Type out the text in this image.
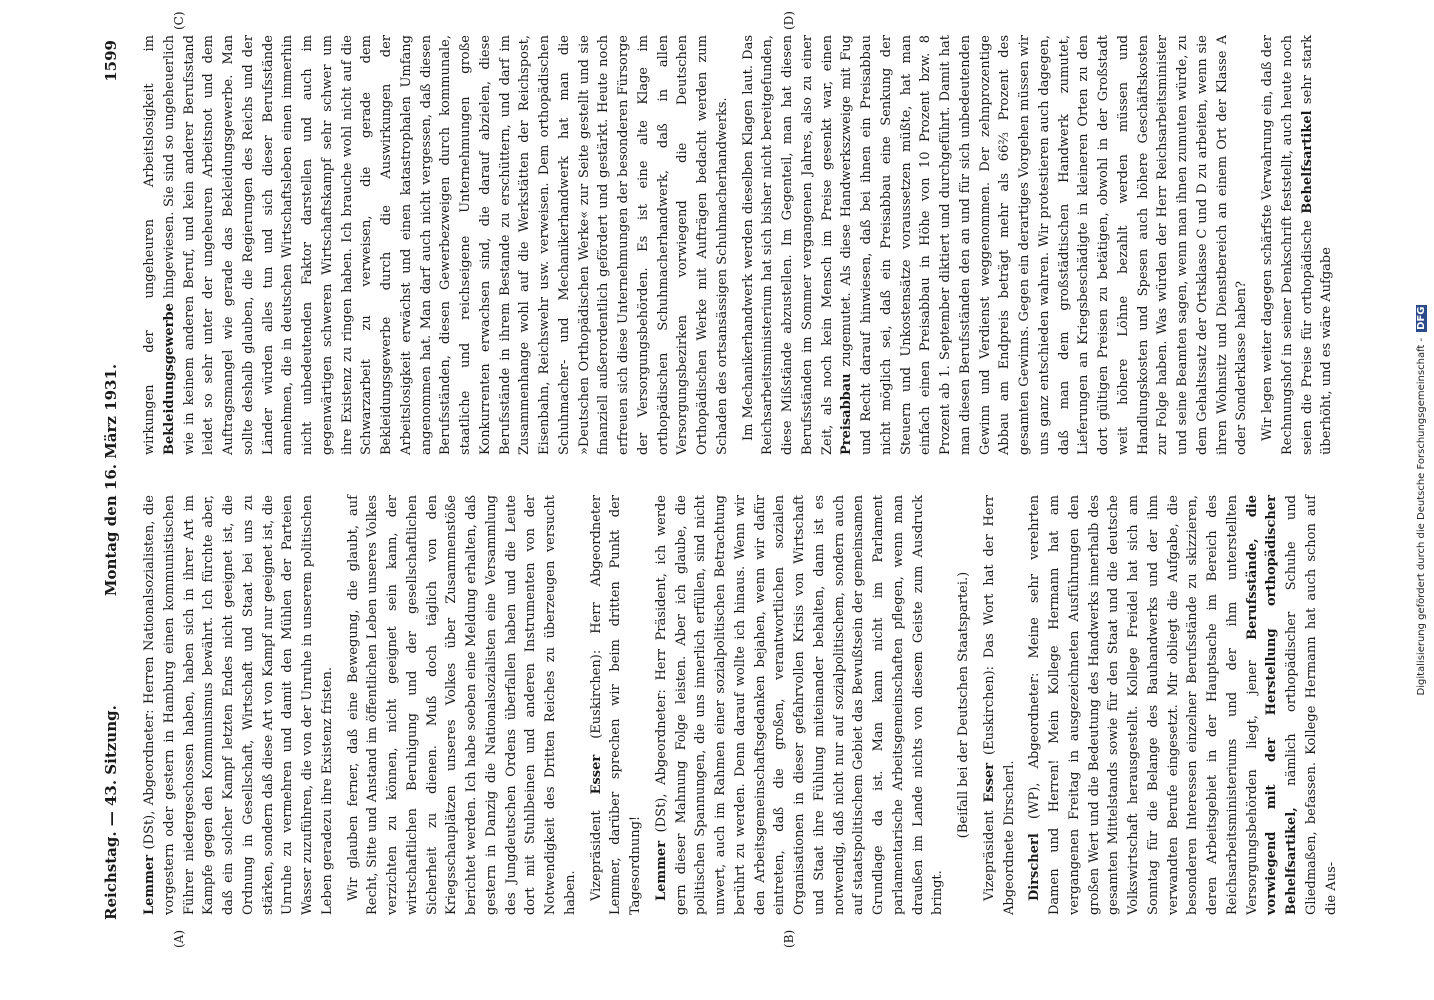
Reichstag. — 43. Sitzung.
Montag den 16. März 1931.
1599
(A)	(B)
(C)	(D)

Lemmer (DSt), Abgeordneter: Herren Nationalsozialisten, die vorgestern oder gestern in Hamburg einen kommunistischen Führer niedergeschossen haben, haben sich in ihrer Art im Kampfe gegen den Kommunismus bewährt. Ich fürchte aber, daß ein solcher Kampf letzten Endes nicht geeignet ist, die Ordnung in Gesellschaft, Wirtschaft und Staat bei uns zu stärken, sondern daß diese Art von Kampf nur geeignet ist, die Unruhe zu vermehren und damit den Mühlen der Parteien Wasser zuzuführen, die von der Unruhe in unserem politischen Leben geradezu ihre Existenz fristen. Wir glauben ferner, daß eine Bewegung, die glaubt, auf Recht, Sitte und Anstand im öffentlichen Leben unseres Volkes verzichten zu können, nicht geeignet sein kann, der wirtschaftlichen Beruhigung und der gesellschaftlichen Sicherheit zu dienen. Muß doch täglich von den Kriegsschauplätzen unseres Volkes über Zusammenstöße berichtet werden. Ich habe soeben eine Meldung erhalten, daß gestern in Danzig die Nationalsozialisten eine Versammlung des Jungdeutschen Ordens überfallen haben und die Leute dort mit Stuhlbeinen und anderen Instrumenten von der Notwendigkeit des Dritten Reiches zu überzeugen versucht haben. Vizepräsident Esser (Euskirchen): Herr Abgeordneter Lemmer, darüber sprechen wir beim dritten Punkt der Tagesordnung! Lemmer (DSt), Abgeordneter: Herr Präsident, ich werde gern dieser Mahnung Folge leisten. Aber ich glaube, die politischen Spannungen, die uns innerlich erfüllen, sind nicht unwert, auch im Rahmen einer sozialpolitischen Betrachtung berührt zu werden. Denn darauf wollte ich hinaus. Wenn wir den Arbeitsgemeinschaftsgedanken bejahen, wenn wir dafür eintreten, daß die großen, verantwortlichen sozialen Organisationen in dieser gefahrvollen Krisis von Wirtschaft und Staat ihre Fühlung miteinander behalten, dann ist es notwendig, daß nicht nur auf sozialpolitischem, sondern auch auf staatspolitischem Gebiet das Bewußtsein der gemeinsamen Grundlage da ist. Man kann nicht im Parlament parlamentarische Arbeitsgemeinschaften pflegen, wenn man draußen im Lande nichts von diesem Geiste zum Ausdruck bringt.

(Beifall bei der Deutschen Staatspartei.)

Vizepräsident Esser (Euskirchen): Das Wort hat der Herr Abgeordnete Dirscherl. Dirscherl (WP), Abgeordneter: Meine sehr verehrten Damen und Herren! Mein Kollege Hermann hat am vergangenen Freitag in ausgezeichneten Ausführungen den großen Wert und die Bedeutung des Handwerks innerhalb des gesamten Mittelstands sowie für den Staat und die deutsche Volkswirtschaft herausgestellt. Kollege Freidel hat sich am Sonntag für die Belange des Bauhandwerks und der ihm verwandten Berufe eingesetzt. Mir obliegt die Aufgabe, die besonderen Interessen einzelner Berufsstände zu skizzieren, deren Arbeitsgebiet in der Hauptsache im Bereich des Reichsarbeitsministeriums und der ihm unterstellten Versorgungsbehörden liegt, jener Berufsstände, die vorwiegend mit der Herstellung orthopädischer Behelfsartikel, nämlich orthopädischer Schuhe und Gliedmaßen, befassen. Kollege Hermann hat auch schon auf die Aus-

wirkungen der ungeheuren Arbeitslosigkeit im Bekleidungsgewerbe hingewiesen. Sie sind so ungeheuerlich wie in keinem anderen Beruf, und kein anderer Berufsstand leidet so sehr unter der ungeheuren Arbeitsnot und dem Auftragsmangel wie gerade das Bekleidungsgewerbe. Man sollte deshalb glauben, die Regierungen des Reichs und der Länder würden alles tun und sich dieser Berufsstände annehmen, die in deutschen Wirtschaftsleben einen immerhin nicht unbedeutenden Faktor darstellen und auch im gegenwärtigen schweren Wirtschaftskampf sehr schwer um ihre Existenz zu ringen haben. Ich brauche wohl nicht auf die Schwarzarbeit zu verweisen, die gerade dem Bekleidungsgewerbe durch die Auswirkungen der Arbeitslosigkeit erwächst und einen katastrophalen Umfang angenommen hat. Man darf auch nicht vergessen, daß diesen Berufsständen, diesen Gewerbezweigen durch kommunale, staatliche und reichseigene Unternehmungen große Konkurrenten erwachsen sind, die darauf abzielen, diese Berufsstände in ihrem Bestande zu erschüttern, und darf im Zusammenhange wohl auf die Werkstätten der Reichspost, Eisenbahn, Reichswehr usw. verweisen. Dem orthopädischen Schuhmacher- und Mechanikerhandwerk hat man die »Deutschen Orthopädischen Werke« zur Seite gestellt und sie finanziell außerordentlich gefördert und gestärkt. Heute noch erfreuen sich diese Unternehmungen der besonderen Fürsorge der Versorgungsbehörden. Es ist eine alte Klage im orthopädischen Schuhmacherhandwerk, daß in allen Versorgungsbezirken vorwiegend die Deutschen Orthopädischen Werke mit Aufträgen bedacht werden zum Schaden des ortsansässigen Schuhmacherhandwerks. Im Mechanikerhandwerk werden dieselben Klagen laut. Das Reichsarbeitsministerium hat sich bisher nicht bereitgefunden, diese Mißstände abzustellen. Im Gegenteil, man hat diesen Berufsständen im Sommer vergangenen Jahres, also zu einer Zeit, als noch kein Mensch im Preise gesenkt war, einen Preisabbau zugemutet. Als diese Handwerkszweige mit Fug und Recht darauf hinwiesen, daß bei ihnen ein Preisabbau nicht möglich sei, daß ein Preisabbau eine Senkung der Steuern und Unkostensätze voraussetzen müßte, hat man einfach einen Preisabbau in Höhe von 10 Prozent bzw. 8 Prozent ab 1. September diktiert und durchgeführt. Damit hat man diesen Berufsständen den an und für sich unbedeutenden Gewinn und Verdienst weggenommen. Der zehnprozentige Abbau am Endpreis beträgt mehr als 66⅔ Prozent des gesamten Gewinns. Gegen ein derartiges Vorgehen müssen wir uns ganz entschieden wahren. Wir protestieren auch dagegen, daß man dem großstädtischen Handwerk zumutet, Lieferungen an Kriegsbeschädigte in kleineren Orten zu den dort gültigen Preisen zu betätigen, obwohl in der Großstadt weit höhere Löhne bezahlt werden müssen und Handlungskosten und Spesen auch höhere Geschäftskosten zur Folge haben. Was würden der Herr Reichsarbeitsminister und seine Beamten sagen, wenn man ihnen zumuten würde, zu dem Gehaltssatz der Ortsklasse C und D zu arbeiten, wenn sie ihren Wohnsitz und Dienstbereich an einem Ort der Klasse A oder Sonderklasse haben? Wir legen weiter dagegen schärfste Verwahrung ein, daß der Rechnungshof in seiner Denkschrift feststellt, auch heute noch seien die Preise für orthopädische Behelfsartikel sehr stark überhöht, und es wäre Aufgabe	Digitalisierung gefördert durch die Deutsche Forschungsgemeinschaft -DFG
